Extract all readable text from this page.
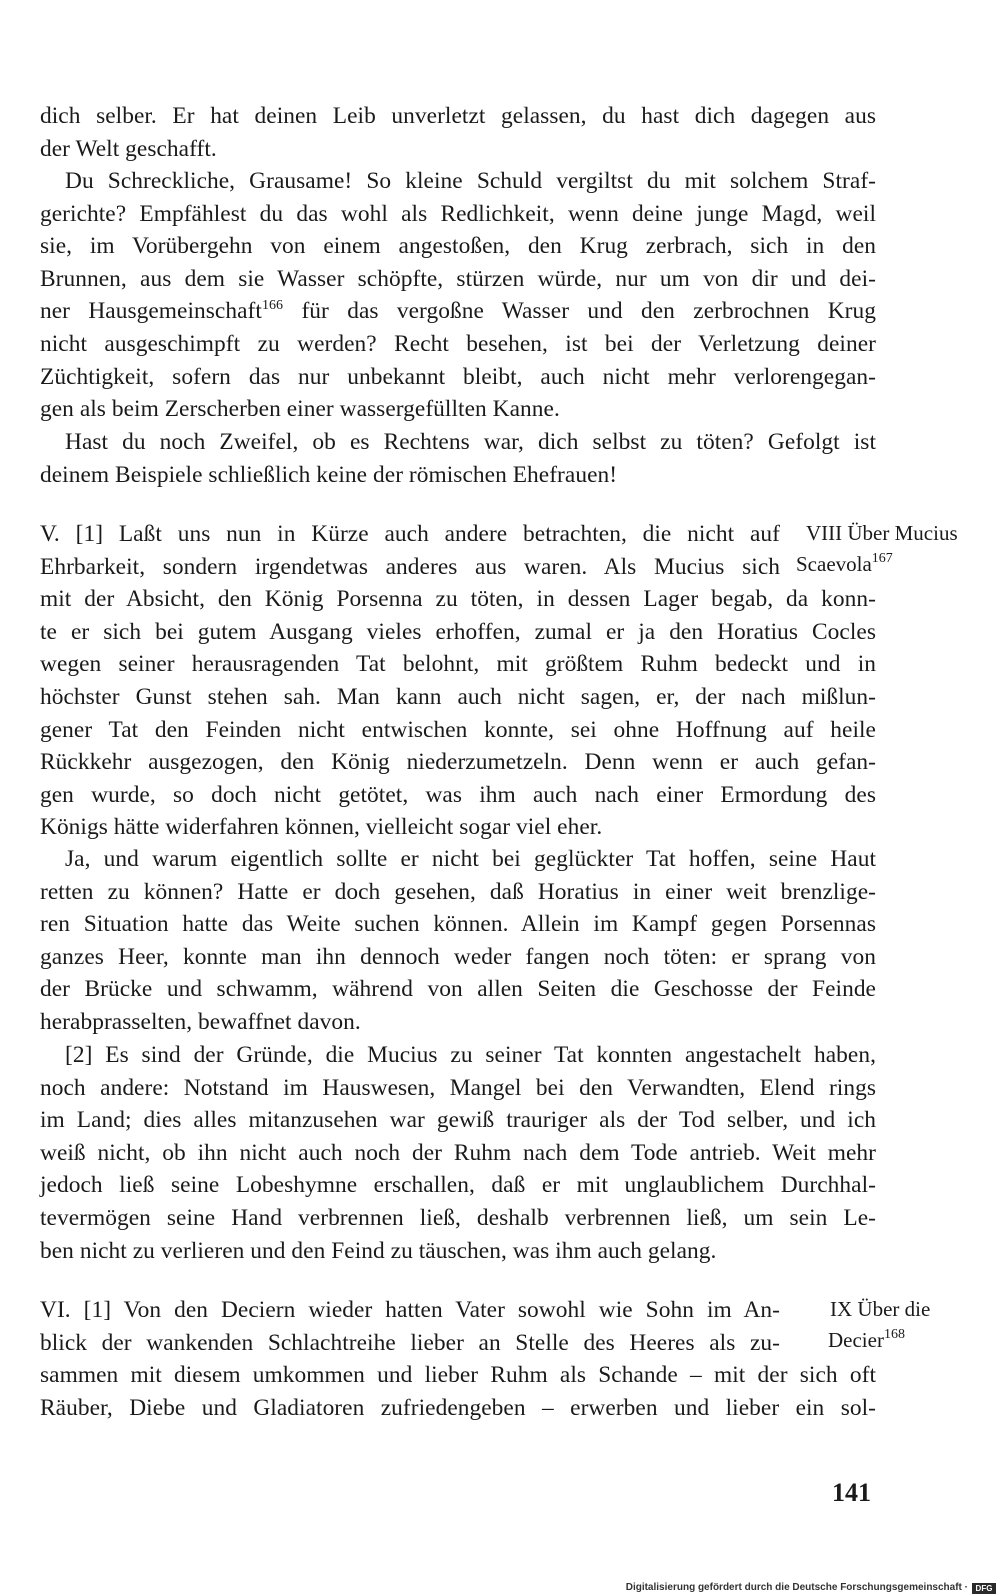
dich selber. Er hat deinen Leib unverletzt gelassen, du hast dich dagegen aus
der Welt geschafft.
Du Schreckliche, Grausame! So kleine Schuld vergiltst du mit solchem Straf-
gerichte? Empfählest du das wohl als Redlichkeit, wenn deine junge Magd, weil
sie, im Vorübergehn von einem angestoßen, den Krug zerbrach, sich in den
Brunnen, aus dem sie Wasser schöpfte, stürzen würde, nur um von dir und dei-
ner Hausgemeinschaft$^{166}$ für das vergoßne Wasser und den zerbrochnen Krug
nicht ausgeschimpft zu werden? Recht besehen, ist bei der Verletzung deiner
Züchtigkeit, sofern das nur unbekannt bleibt, auch nicht mehr verlorengegan-
gen als beim Zerscherben einer wassergefüllten Kanne.
Hast du noch Zweifel, ob es Rechtens war, dich selbst zu töten? Gefolgt ist
deinem Beispiele schließlich keine der römischen Ehefrauen!
V. [1] Laßt uns nun in Kürze auch andere betrachten, die nicht auf
Ehrbarkeit, sondern irgendetwas anderes aus waren. Als Mucius sich
mit der Absicht, den König Porsenna zu töten, in dessen Lager begab, da konn-
te er sich bei gutem Ausgang vieles erhoffen, zumal er ja den Horatius Cocles
wegen seiner herausragenden Tat belohnt, mit größtem Ruhm bedeckt und in
höchster Gunst stehen sah. Man kann auch nicht sagen, er, der nach mißlun-
gener Tat den Feinden nicht entwischen konnte, sei ohne Hoffnung auf heile
Rückkehr ausgezogen, den König niederzumetzeln. Denn wenn er auch gefan-
gen wurde, so doch nicht getötet, was ihm auch nach einer Ermordung des
Königs hätte widerfahren können, vielleicht sogar viel eher.
Ja, und warum eigentlich sollte er nicht bei geglückter Tat hoffen, seine Haut
retten zu können? Hatte er doch gesehen, daß Horatius in einer weit brenzlige-
ren Situation hatte das Weite suchen können. Allein im Kampf gegen Porsennas
ganzes Heer, konnte man ihn dennoch weder fangen noch töten: er sprang von
der Brücke und schwamm, während von allen Seiten die Geschosse der Feinde
herabprasselten, bewaffnet davon.
[2] Es sind der Gründe, die Mucius zu seiner Tat konnten angestachelt haben,
noch andere: Notstand im Hauswesen, Mangel bei den Verwandten, Elend rings
im Land; dies alles mitanzusehen war gewiß trauriger als der Tod selber, und ich
weiß nicht, ob ihn nicht auch noch der Ruhm nach dem Tode antrieb. Weit mehr
jedoch ließ seine Lobeshymne erschallen, daß er mit unglaublichem Durchhal-
tevermögen seine Hand verbrennen ließ, deshalb verbrennen ließ, um sein Le-
ben nicht zu verlieren und den Feind zu täuschen, was ihm auch gelang.
VI. [1] Von den Deciern wieder hatten Vater sowohl wie Sohn im An-
blick der wankenden Schlachtreihe lieber an Stelle des Heeres als zu-
sammen mit diesem umkommen und lieber Ruhm als Schande – mit der sich oft
Räuber, Diebe und Gladiatoren zufriedengeben – erwerben und lieber ein sol-
VIII Über Mucius
Scaevola$^{167}$
IX Über die
Decier$^{168}$
141
Digitalisierung gefördert durch die Deutsche Forschungsgemeinschaft · DFG
